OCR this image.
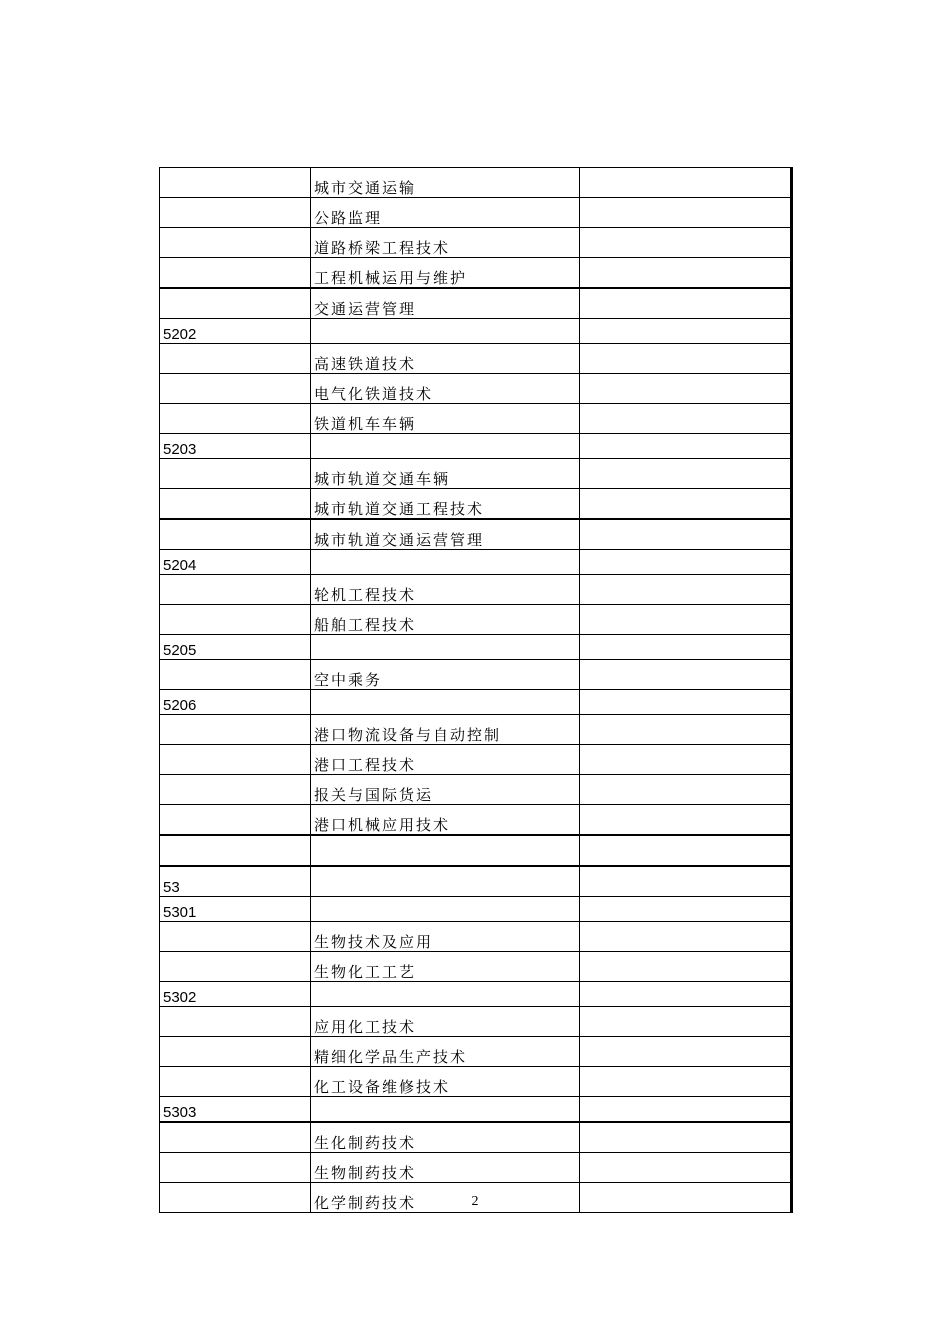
	城市交通运输	
	公路监理	
	道路桥梁工程技术	
	工程机械运用与维护	
	交通运营管理	
5202		
	高速铁道技术	
	电气化铁道技术	
	铁道机车车辆	
5203		
	城市轨道交通车辆	
	城市轨道交通工程技术	
	城市轨道交通运营管理	
5204		
	轮机工程技术	
	船舶工程技术	
5205		
	空中乘务	
5206		
	港口物流设备与自动控制	
	港口工程技术	
	报关与国际货运	
	港口机械应用技术	

53		
5301		
	生物技术及应用	
	生物化工工艺	
5302		
	应用化工技术	
	精细化学品生产技术	
	化工设备维修技术	
5303		
	生化制药技术	
	生物制药技术	
	化学制药技术		2
